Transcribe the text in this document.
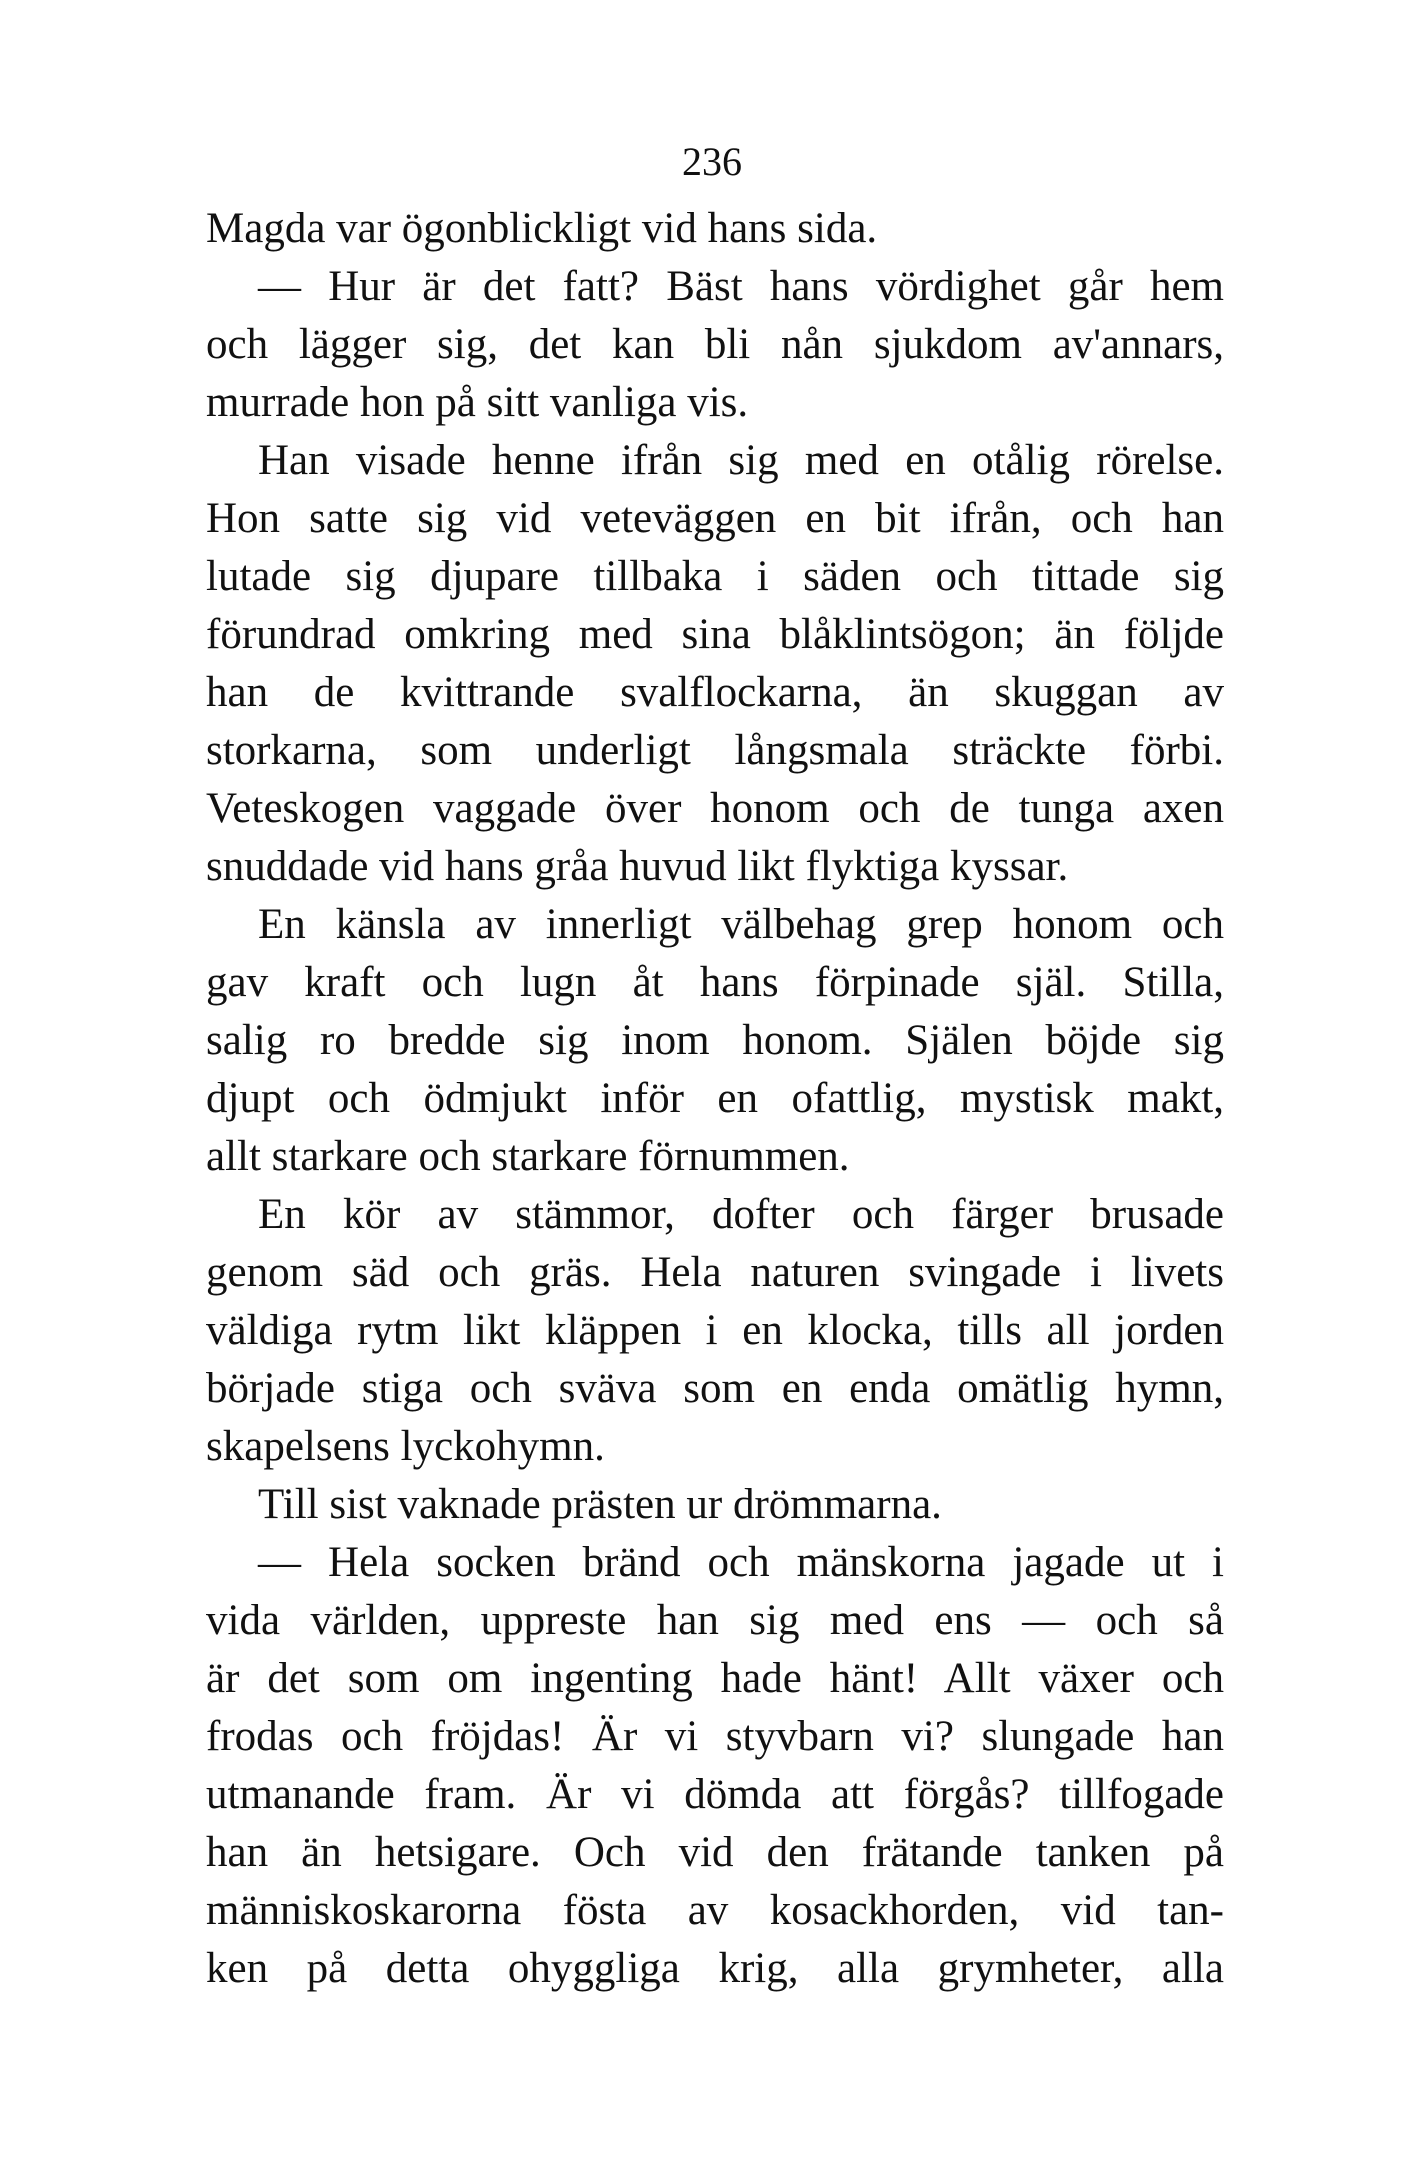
236
Magda var ögonblickligt vid hans sida.
— Hur är det fatt? Bäst hans vördighet går hem
och lägger sig, det kan bli nån sjukdom av'annars,
murrade hon på sitt vanliga vis.
Han visade henne ifrån sig med en otålig rörelse.
Hon satte sig vid veteväggen en bit ifrån, och han
lutade sig djupare tillbaka i säden och tittade sig
förundrad omkring med sina blåklintsögon; än följde
han de kvittrande svalflockarna, än skuggan av
storkarna, som underligt långsmala sträckte förbi.
Veteskogen vaggade över honom och de tunga axen
snuddade vid hans gråa huvud likt flyktiga kyssar.
En känsla av innerligt välbehag grep honom och
gav kraft och lugn åt hans förpinade själ. Stilla,
salig ro bredde sig inom honom. Själen böjde sig
djupt och ödmjukt inför en ofattlig, mystisk makt,
allt starkare och starkare förnummen.
En kör av stämmor, dofter och färger brusade
genom säd och gräs. Hela naturen svingade i livets
väldiga rytm likt kläppen i en klocka, tills all jorden
började stiga och sväva som en enda omätlig hymn,
skapelsens lyckohymn.
Till sist vaknade prästen ur drömmarna.
— Hela socken bränd och mänskorna jagade ut i
vida världen, uppreste han sig med ens — och så
är det som om ingenting hade hänt! Allt växer och
frodas och fröjdas! Är vi styvbarn vi? slungade han
utmanande fram. Är vi dömda att förgås? tillfogade
han än hetsigare. Och vid den frätande tanken på
människoskarorna fösta av kosackhorden, vid tan-
ken på detta ohyggliga krig, alla grymheter, alla
